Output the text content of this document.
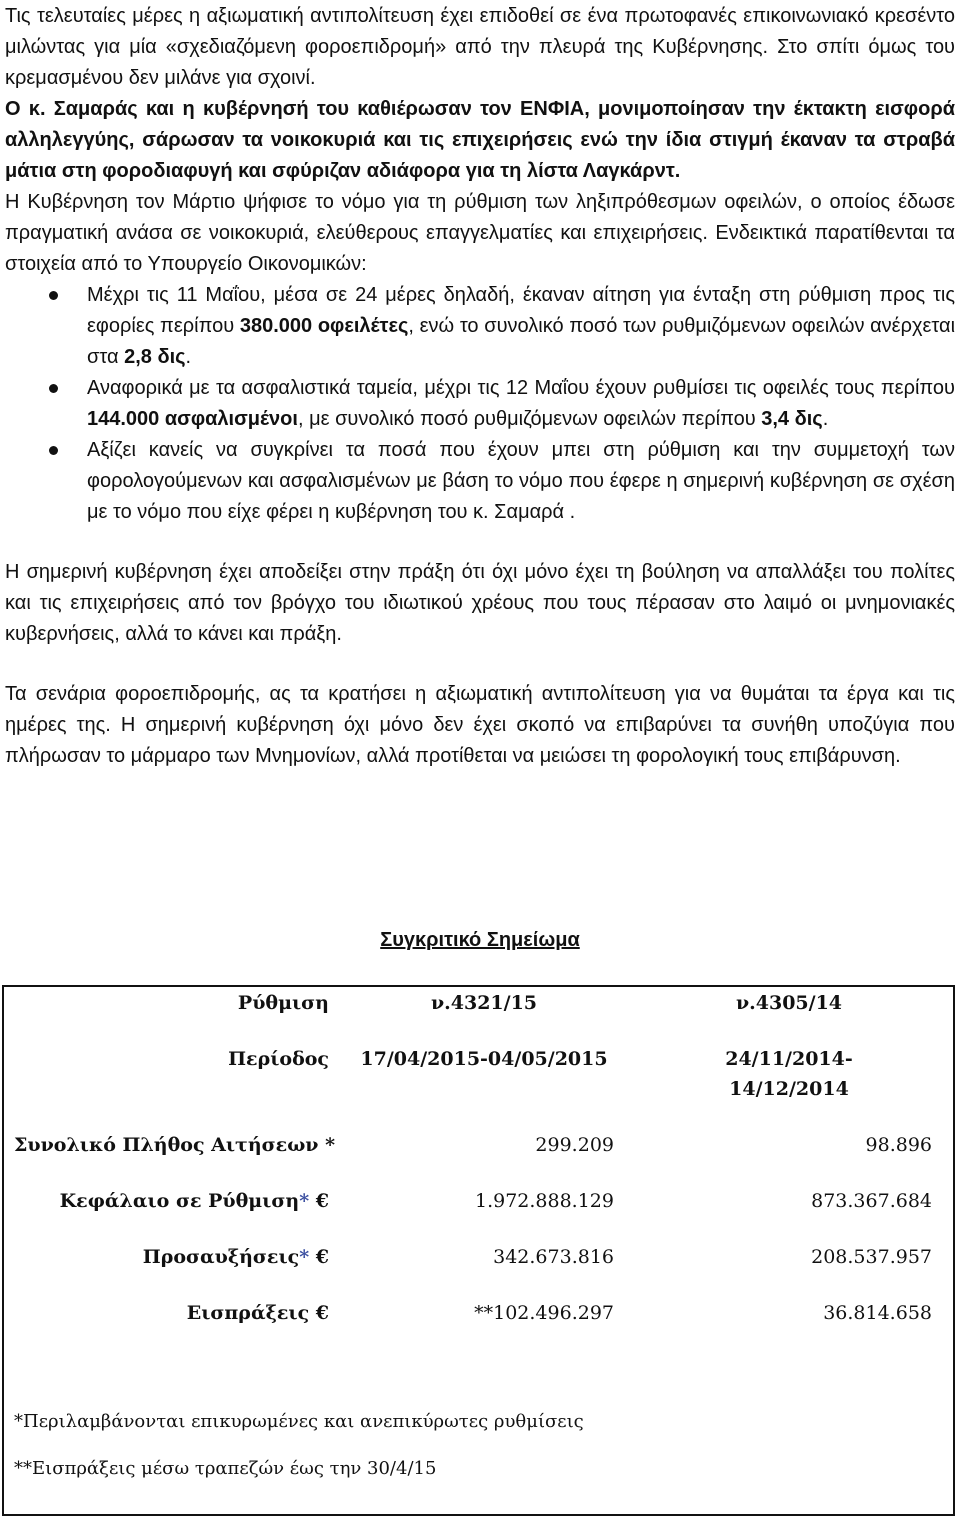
Τις τελευταίες μέρες η αξιωματική αντιπολίτευση έχει επιδοθεί σε ένα πρωτοφανές επικοινωνιακό κρεσέντο μιλώντας για μία «σχεδιαζόμενη φοροεπιδρομή» από την πλευρά της Κυβέρνησης. Στο σπίτι όμως του κρεμασμένου δεν μιλάνε για σχοινί.

Ο κ. Σαμαράς και η κυβέρνησή του καθιέρωσαν τον ΕΝΦΙΑ, μονιμοποίησαν την έκτακτη εισφορά αλληλεγγύης, σάρωσαν τα νοικοκυριά και τις επιχειρήσεις ενώ την ίδια στιγμή έκαναν τα στραβά μάτια στη φοροδιαφυγή και σφύριζαν αδιάφορα για τη λίστα Λαγκάρντ.

Η Κυβέρνηση τον Μάρτιο ψήφισε το νόμο για τη ρύθμιση των ληξιπρόθεσμων οφειλών, ο οποίος έδωσε πραγματική ανάσα σε νοικοκυριά, ελεύθερους επαγγελματίες και επιχειρήσεις. Ενδεικτικά παρατίθενται τα στοιχεία από το Υπουργείο Οικονομικών:

Μέχρι τις 11 Μαΐου, μέσα σε 24 μέρες δηλαδή, έκαναν αίτηση για ένταξη στη ρύθμιση προς τις εφορίες περίπου 380.000 οφειλέτες, ενώ το συνολικό ποσό των ρυθμιζόμενων οφειλών ανέρχεται στα 2,8 δις.
Αναφορικά με τα ασφαλιστικά ταμεία, μέχρι τις 12 Μαΐου έχουν ρυθμίσει τις οφειλές τους περίπου 144.000 ασφαλισμένοι, με συνολικό ποσό ρυθμιζόμενων οφειλών περίπου 3,4 δις.
Αξίζει κανείς να συγκρίνει τα ποσά που έχουν μπει στη ρύθμιση και την συμμετοχή των φορολογούμενων και ασφαλισμένων με βάση το νόμο που έφερε η σημερινή κυβέρνηση σε σχέση με το νόμο που είχε φέρει η κυβέρνηση του κ. Σαμαρά .

Η σημερινή κυβέρνηση έχει αποδείξει στην πράξη ότι όχι μόνο έχει τη βούληση να απαλλάξει του πολίτες και τις επιχειρήσεις από τον βρόγχο του ιδιωτικού χρέους που τους πέρασαν στο λαιμό οι μνημονιακές κυβερνήσεις, αλλά το κάνει και πράξη.

Τα σενάρια φοροεπιδρομής, ας τα κρατήσει η αξιωματική αντιπολίτευση για να θυμάται τα έργα και τις ημέρες της. Η σημερινή κυβέρνηση όχι μόνο δεν έχει σκοπό να επιβαρύνει τα συνήθη υποζύγια που πλήρωσαν το μάρμαρο των Μνημονίων, αλλά προτίθεται να μειώσει τη φορολογική τους επιβάρυνση.

Συγκριτικό Σημείωμα

Ρύθμιση	ν.4321/15	ν.4305/14
Περίοδος	17/04/2015-04/05/2015	24/11/2014-
14/12/2014
Συνολικό Πλήθος Αιτήσεων *	299.209	98.896
Κεφάλαιο σε Ρύθμιση* €	1.972.888.129	873.367.684
Προσαυξήσεις* €	342.673.816	208.537.957
Εισπράξεις €	**102.496.297	36.814.658
*Περιλαμβάνονται επικυρωμένες και ανεπικύρωτες ρυθμίσεις
**Εισπράξεις μέσω τραπεζών έως την 30/4/15
